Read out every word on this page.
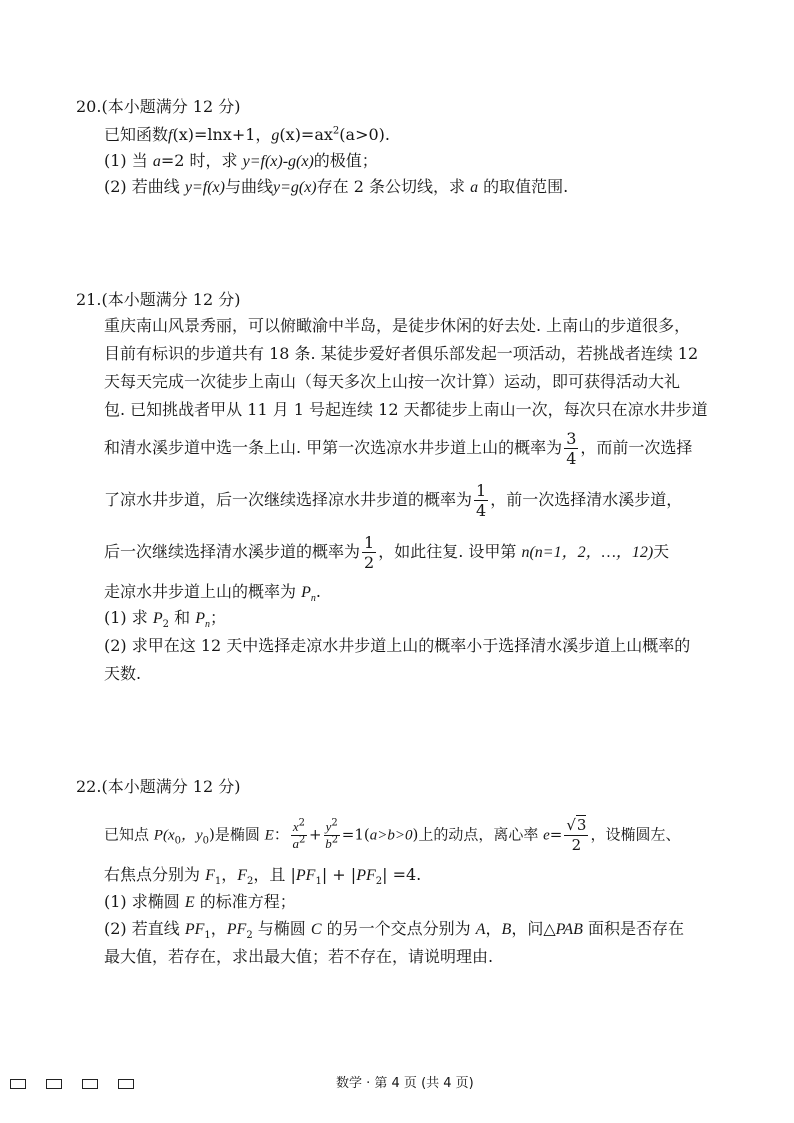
20.(本小题满分 12 分)
已知函数f(x)=lnx+1，$g(x)=ax^2(a>0)$.
(1) 当 a=2 时，求 y=f(x)-g(x)的极值；
(2) 若曲线 y=f(x)与曲线y=g(x)存在 2 条公切线，求 a 的取值范围.
21.(本小题满分 12 分)
重庆南山风景秀丽，可以俯瞰渝中半岛，是徒步休闲的好去处. 上南山的步道很多，
目前有标识的步道共有 18 条. 某徒步爱好者俱乐部发起一项活动，若挑战者连续 12
天每天完成一次徒步上南山（每天多次上山按一次计算）运动，即可获得活动大礼
包. 已知挑战者甲从 11 月 1 号起连续 12 天都徒步上南山一次，每次只在凉水井步道
和清水溪步道中选一条上山. 甲第一次选凉水井步道上山的概率为 $\frac{3}{4}$ ，而前一次选择
了凉水井步道，后一次继续选择凉水井步道的概率为 $\frac{1}{4}$ ，前一次选择清水溪步道，
后一次继续选择清水溪步道的概率为 $\frac{1}{2}$ ，如此往复. 设甲第 n(n=1，2，…，12)天
走凉水井步道上山的概率为 $P_n$.
(1) 求 $P_2$ 和 $P_n$；
(2) 求甲在这 12 天中选择走凉水井步道上山的概率小于选择清水溪步道上山概率的
天数.
22.(本小题满分 12 分)
已知点 $P(x_0$，$y_0$)是椭圆 E： $\frac{x^2}{a^2} + \frac{y^2}{b^2} =1(a>b>0)$上的动点，离心率 $e= \frac{√3}{2}$ ，设椭圆左、
右焦点分别为 $F_1$，$F_2$，且 $|PF_1| + |PF_2| =4$.
(1) 求椭圆 E 的标准方程；
(2) 若直线 $PF_1$，$PF_2$ 与椭圆 C 的另一个交点分别为 A，B，问△PAB 面积是否存在
最大值，若存在，求出最大值；若不存在，请说明理由.
数学 · 第 4 页 (共 4 页)
